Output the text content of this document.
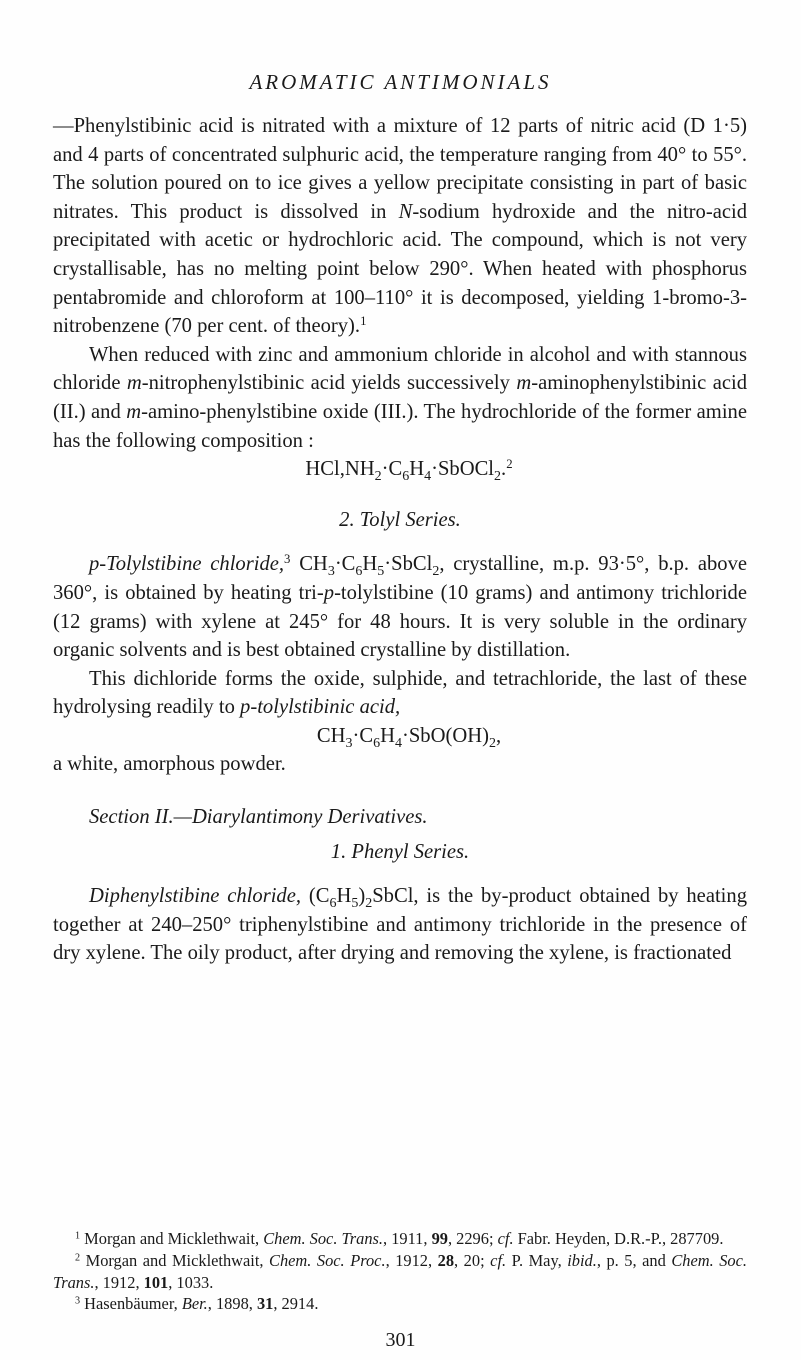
AROMATIC ANTIMONIALS

—Phenylstibinic acid is nitrated with a mixture of 12 parts of nitric acid (D 1·5) and 4 parts of concentrated sulphuric acid, the temperature ranging from 40° to 55°. The solution poured on to ice gives a yellow precipitate consisting in part of basic nitrates. This product is dissolved in N-sodium hydroxide and the nitro-acid precipitated with acetic or hydrochloric acid. The compound, which is not very crystallisable, has no melting point below 290°. When heated with phosphorus pentabromide and chloroform at 100–110° it is decomposed, yielding 1-bromo-3-nitrobenzene (70 per cent. of theory).$^1$

When reduced with zinc and ammonium chloride in alcohol and with stannous chloride m-nitrophenylstibinic acid yields successively m-aminophenylstibinic acid (II.) and m-amino-phenylstibine oxide (III.). The hydrochloride of the former amine has the following composition :

$HCl,NH_2\cdot C_6H_4\cdot SbOCl_2.^2$

2. Tolyl Series.

p-Tolylstibine chloride,$^3$ $CH_3\cdot C_6H_5\cdot SbCl_2$, crystalline, m.p. 93·5°, b.p. above 360°, is obtained by heating tri-p-tolylstibine (10 grams) and antimony trichloride (12 grams) with xylene at 245° for 48 hours. It is very soluble in the ordinary organic solvents and is best obtained crystalline by distillation.

This dichloride forms the oxide, sulphide, and tetrachloride, the last of these hydrolysing readily to p-tolylstibinic acid,

$CH_3\cdot C_6H_4\cdot SbO(OH)_2$,

a white, amorphous powder.

Section II.—Diarylantimony Derivatives.

1. Phenyl Series.

Diphenylstibine chloride, $(C_6H_5)_2SbCl$, is the by-product obtained by heating together at 240–250° triphenylstibine and antimony trichloride in the presence of dry xylene. The oily product, after drying and removing the xylene, is fractionated

$^1$ Morgan and Micklethwait, Chem. Soc. Trans., 1911, 99, 2296; cf. Fabr. Heyden, D.R.-P., 287709.

$^2$ Morgan and Micklethwait, Chem. Soc. Proc., 1912, 28, 20; cf. P. May, ibid., p. 5, and Chem. Soc. Trans., 1912, 101, 1033.

$^3$ Hasenbäumer, Ber., 1898, 31, 2914.

301
